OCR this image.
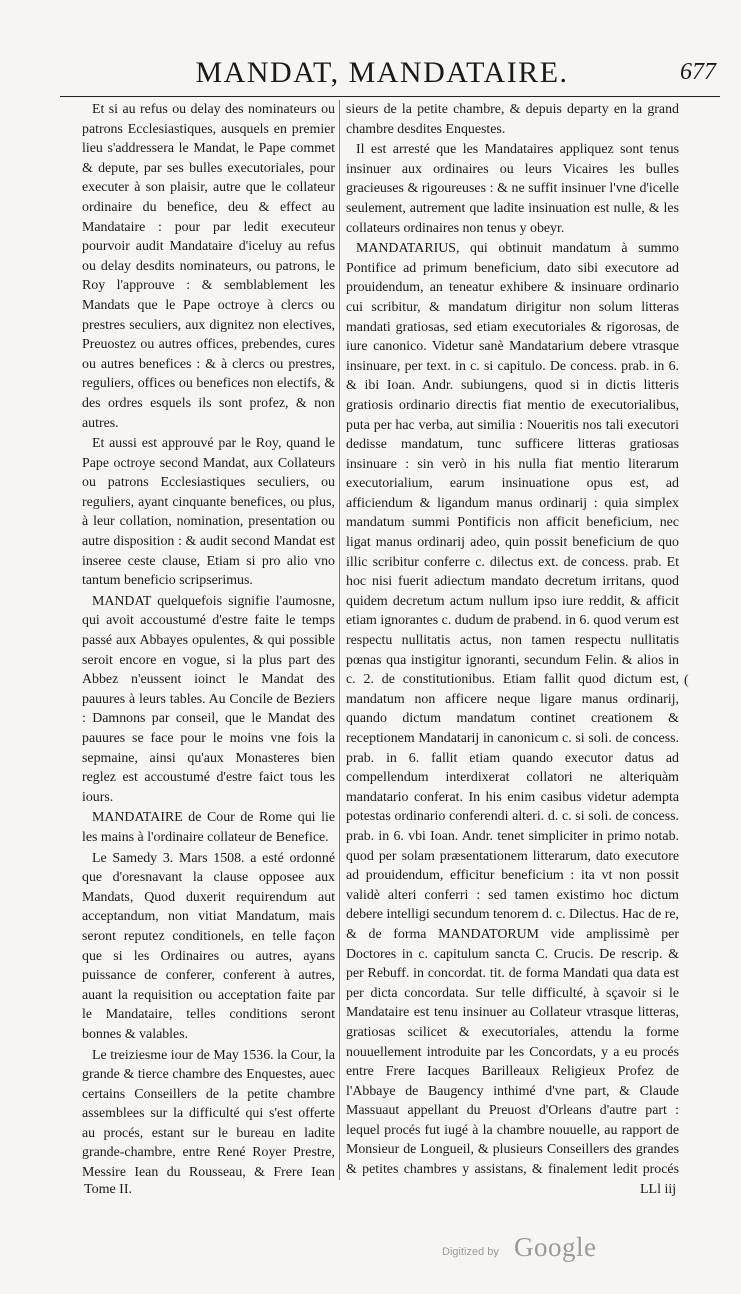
MANDAT, MANDATAIRE.	677

Et si au refus ou delay des nominateurs ou patrons Ecclesiastiques, ausquels en premier lieu s'addressera le Mandat, le Pape commet & depute, par ses bulles executoriales, pour executer à son plaisir, autre que le collateur ordinaire du benefice, deu & effect au Mandataire : pour par ledit executeur pourvoir audit Mandataire d'iceluy au refus ou delay desdits nominateurs, ou patrons, le Roy l'approuve : & semblablement les Mandats que le Pape octroye à clercs ou prestres seculiers, aux dignitez non electives, Preuostez ou autres offices, prebendes, cures ou autres benefices : & à clercs ou prestres, reguliers, offices ou benefices non electifs, & des ordres esquels ils sont profez, & non autres.

Et aussi est approuvé par le Roy, quand le Pape octroye second Mandat, aux Collateurs ou patrons Ecclesiastiques seculiers, ou reguliers, ayant cinquante benefices, ou plus, à leur collation, nomination, presentation ou autre disposition : & audit second Mandat est inseree ceste clause, Etiam si pro alio vno tantum beneficio scripserimus.

MANDAT quelquefois signifie l'aumosne, qui avoit accoustumé d'estre faite le temps passé aux Abbayes opulentes, & qui possible seroit encore en vogue, si la plus part des Abbez n'eussent ioinct le Mandat des pauures à leurs tables. Au Concile de Beziers : Damnons par conseil, que le Mandat des pauures se face pour le moins vne fois la sepmaine, ainsi qu'aux Monasteres bien reglez est accoustumé d'estre faict tous les iours.

MANDATAIRE de Cour de Rome qui lie les mains à l'ordinaire collateur de Benefice.

Le Samedy 3. Mars 1508. a esté ordonné que d'oresnavant la clause opposee aux Mandats, Quod duxerit requirendum aut acceptandum, non vitiat Mandatum, mais seront reputez conditionels, en telle façon que si les Ordinaires ou autres, ayans puissance de conferer, conferent à autres, auant la requisition ou acceptation faite par le Mandataire, telles conditions seront bonnes & valables.

Le treiziesme iour de May 1536. la Cour, la grande & tierce chambre des Enquestes, auec certains Conseillers de la petite chambre assemblees sur la difficulté qui s'est offerte au procés, estant sur le bureau en ladite grande-chambre, entre René Royer Prestre, Messire Iean du Rousseau, & Frere Iean

sieurs de la petite chambre, & depuis departy en la grand chambre desdites Enquestes.

Il est arresté que les Mandataires appliquez sont tenus insinuer aux ordinaires ou leurs Vicaires les bulles gracieuses & rigoureuses : & ne suffit insinuer l'vne d'icelle seulement, autrement que ladite insinuation est nulle, & les collateurs ordinaires non tenus y obeyr.

MANDATARIUS, qui obtinuit mandatum à summo Pontifice ad primum beneficium, dato sibi executore ad prouidendum, an teneatur exhibere & insinuare ordinario cui scribitur, & mandatum dirigitur non solum litteras mandati gratiosas, sed etiam executoriales & rigorosas, de iure canonico. Videtur sanè Mandatarium debere vtrasque insinuare, per text. in c. si capitulo. De concess. prab. in 6. & ibi Ioan. Andr. subiungens, quod si in dictis litteris gratiosis ordinario directis fiat mentio de executorialibus, puta per hac verba, aut similia : Noueritis nos tali executori dedisse mandatum, tunc sufficere litteras gratiosas insinuare : sin verò in his nulla fiat mentio literarum executorialium, earum insinuatione opus est, ad afficiendum & ligandum manus ordinarij : quia simplex mandatum summi Pontificis non afficit beneficium, nec ligat manus ordinarij adeo, quin possit beneficium de quo illic scribitur conferre c. dilectus ext. de concess. prab. Et hoc nisi fuerit adiectum mandato decretum irritans, quod quidem decretum actum nullum ipso iure reddit, & afficit etiam ignorantes c. dudum de prabend. in 6. quod verum est respectu nullitatis actus, non tamen respectu nullitatis pœnas qua instigitur ignoranti, secundum Felin. & alios in c. 2. de constitutionibus. Etiam fallit quod dictum est, mandatum non afficere neque ligare manus ordinarij, quando dictum mandatum continet creationem & receptionem Mandatarij in canonicum c. si soli. de concess. prab. in 6. fallit etiam quando executor datus ad compellendum interdixerat collatori ne alteriquàm mandatario conferat. In his enim casibus videtur adempta potestas ordinario conferendi alteri. d. c. si soli. de concess. prab. in 6. vbi Ioan. Andr. tenet simpliciter in primo notab. quod per solam præsentationem litterarum, dato executore ad prouidendum, efficitur beneficium : ita vt non possit validè alteri conferri : sed tamen existimo hoc dictum debere intelligi secundum tenorem d. c. Dilectus. Hac de re, & de forma MANDATORUM vide amplissimè per Doctores in c. capitulum sancta C. Crucis. De rescrip. & per Rebuff. in concordat. tit. de forma Mandati qua data est per dicta concordata. Sur telle difficulté, à sçavoir si le Mandataire est tenu insinuer au Collateur vtrasque litteras, gratiosas scilicet & executoriales, attendu la forme nouuellement introduite par les Concordats, y a eu procés entre Frere Iacques Barilleaux Religieux Profez de l'Abbaye de Baugency inthimé d'vne part, & Claude Massuaut appellant du Preuost d'Orleans d'autre part : lequel procés fut iugé à la chambre nouuelle, au rapport de Monsieur de Longueil, & plusieurs Conseillers des grandes & petites chambres y assistans, & finalement ledit procés

Tome II.	LLl iij
(
Digitized by Google
